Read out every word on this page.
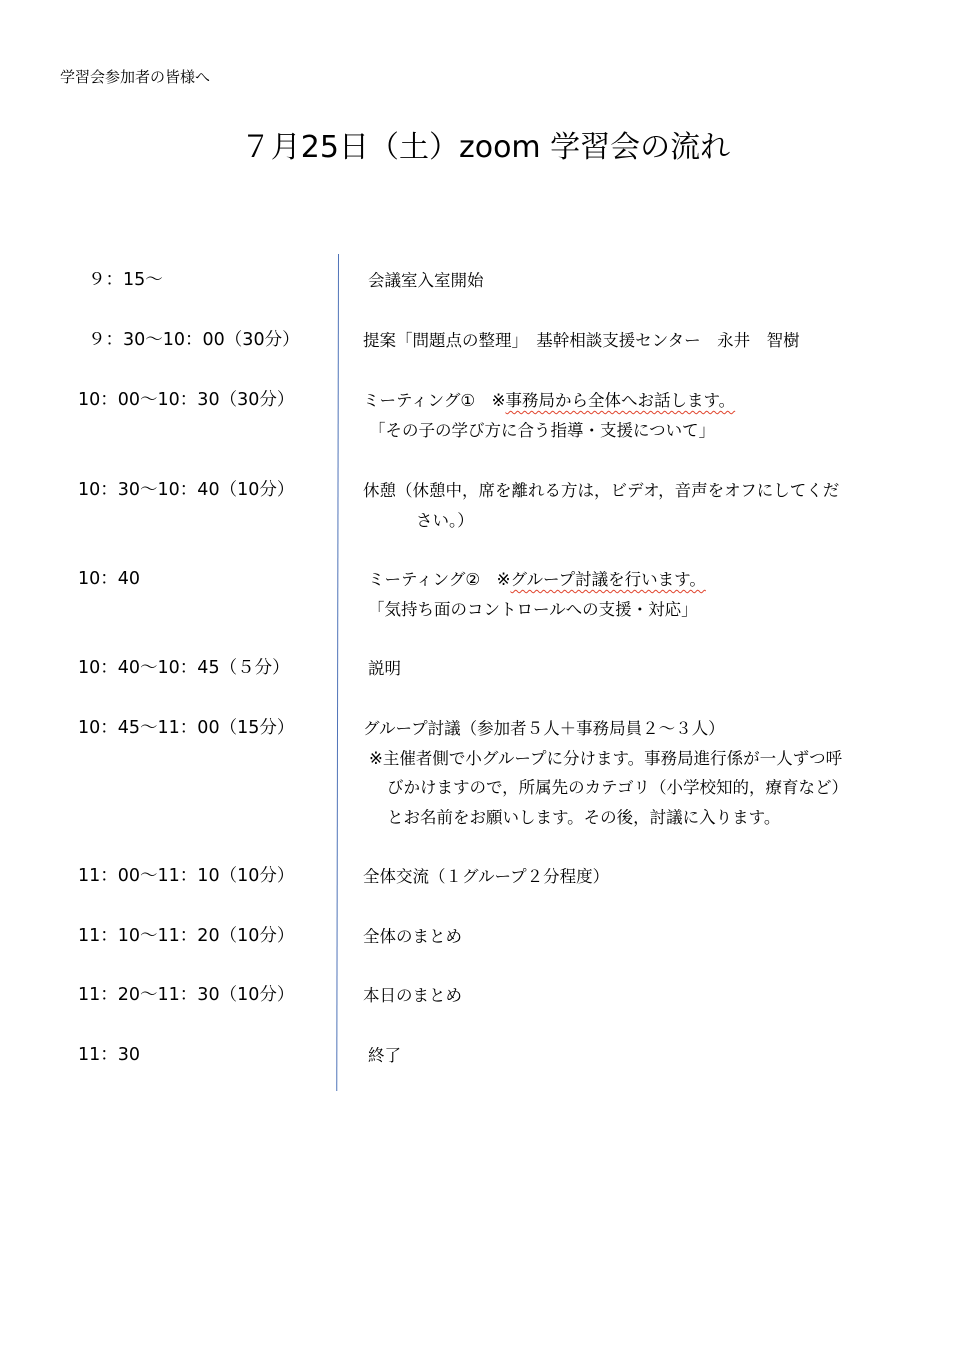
学習会参加者の皆様へ
７月25日（土）zoom 学習会の流れ
９：15～	会議室入室開始
９：30～10：00（30分）	提案「問題点の整理」　基幹相談支援センター　永井　智樹
10：00～10：30（30分）	ミーティング①　※事務局から全体へお話します。
「その子の学び方に合う指導・支援について」
10：30～10：40（10分）	休憩（休憩中，席を離れる方は，ビデオ，音声をオフにしてくだ
さい。）
10：40	ミーティング②　※グループ討議を行います。
「気持ち面のコントロールへの支援・対応」
10：40～10：45（５分）	説明
10：45～11：00（15分）	グループ討議（参加者５人＋事務局員２～３人）
※主催者側で小グループに分けます。事務局進行係が一人ずつ呼
びかけますので，所属先のカテゴリ（小学校知的，療育など）
とお名前をお願いします。その後，討議に入ります。
11：00～11：10（10分）	全体交流（１グループ２分程度）
11：10～11：20（10分）	全体のまとめ
11：20～11：30（10分）	本日のまとめ
11：30	終了
